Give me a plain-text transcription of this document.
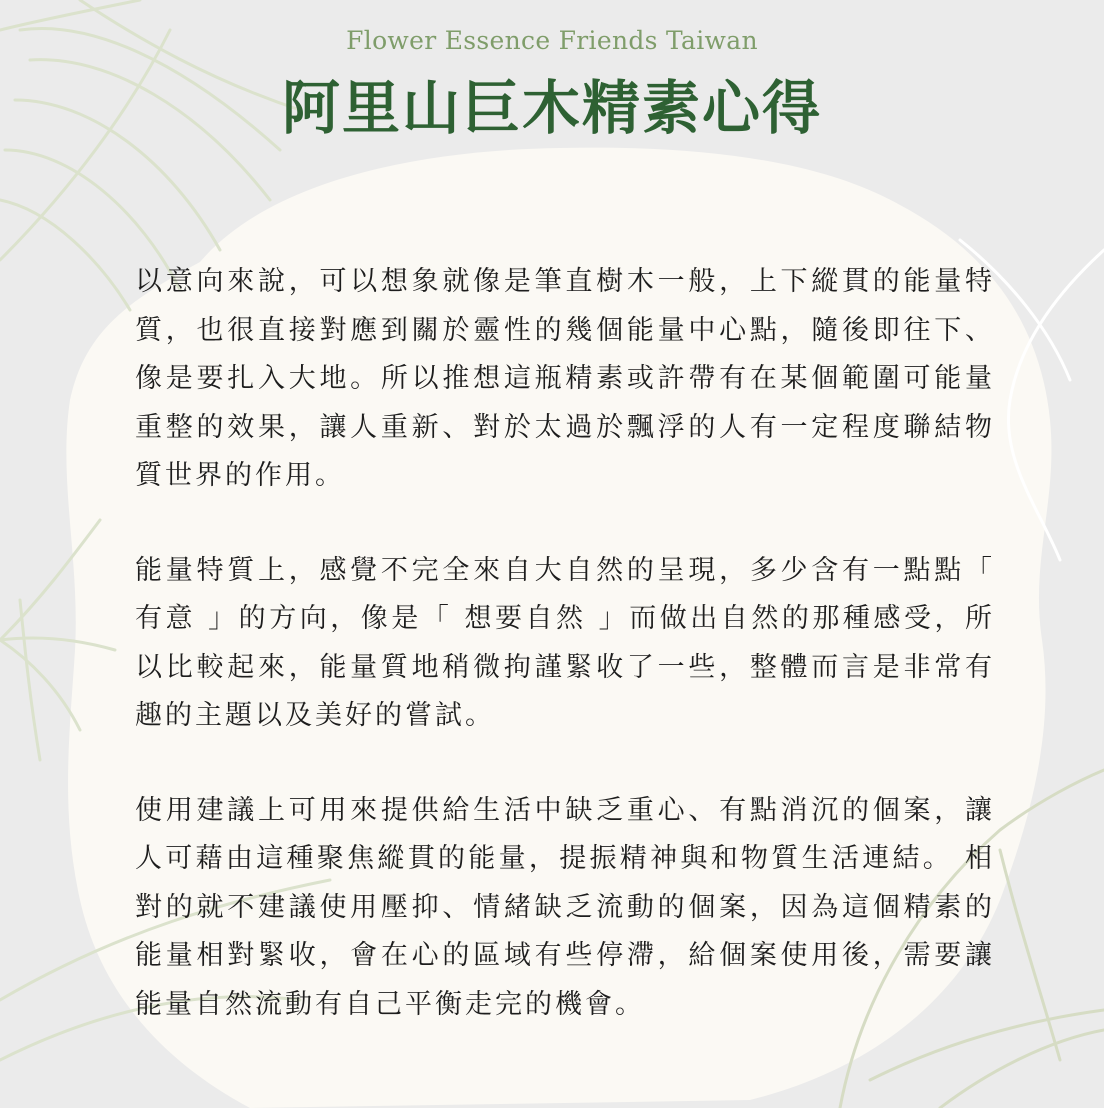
Flower Essence Friends Taiwan
阿里山巨木精素心得

以意向來說，可以想象就像是筆直樹木一般，上下縱貫的能量特質，也很直接對應到關於靈性的幾個能量中心點，隨後即往下、像是要扎入大地。所以推想這瓶精素或許帶有在某個範圍可能量重整的效果，讓人重新、對於太過於飄浮的人有一定程度聯結物質世界的作用。

能量特質上，感覺不完全來自大自然的呈現，多少含有一點點「 有意 」的方向，像是「 想要自然 」而做出自然的那種感受，所以比較起來，能量質地稍微拘謹緊收了一些，整體而言是非常有趣的主題以及美好的嘗試。

使用建議上可用來提供給生活中缺乏重心、有點消沉的個案，讓人可藉由這種聚焦縱貫的能量，提振精神與和物質生活連結。 相對的就不建議使用壓抑、情緒缺乏流動的個案，因為這個精素的能量相對緊收，會在心的區域有些停滯，給個案使用後，需要讓能量自然流動有自己平衡走完的機會。
